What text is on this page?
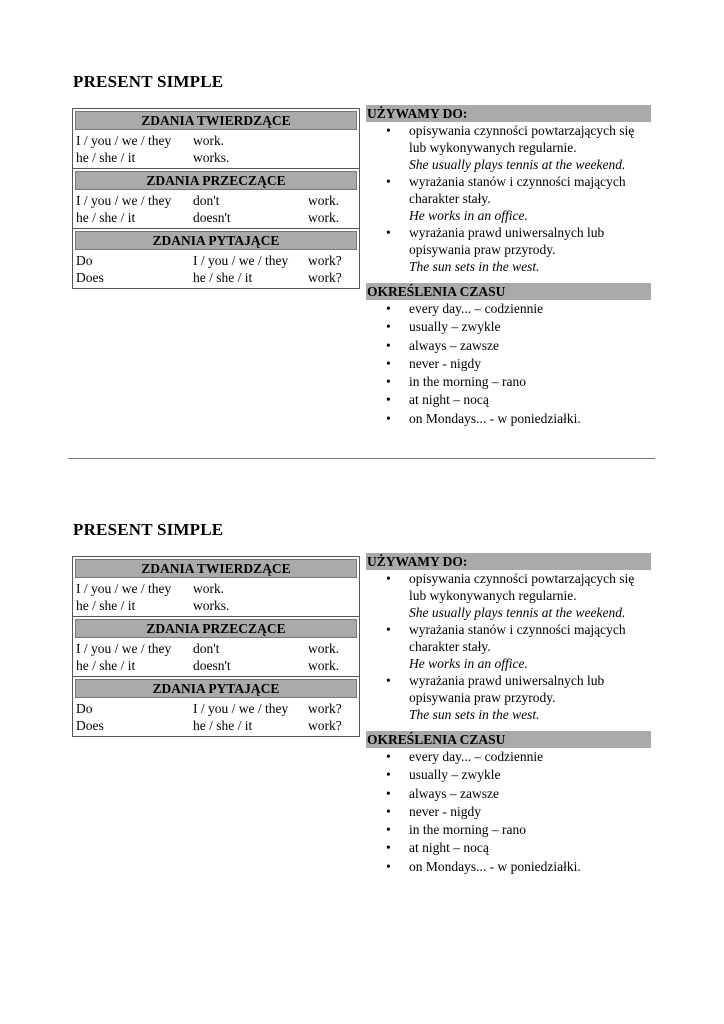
PRESENT SIMPLE
ZDANIA TWIERDZĄCE
I / you / we / they work.
he / she / it	works.
ZDANIA PRZECZĄCE
I / you / we / they don't	work.
he / she / it	doesn't	work.
ZDANIA PYTAJĄCE
Do	I / you / we / they work?
Does	he / she / it	work?
UŻYWAMY DO:
• opisywania czynności powtarzających się lub wykonywanych regularnie.
She usually plays tennis at the weekend.
• wyrażania stanów i czynności mających charakter stały.
He works in an office.
• wyrażania prawd uniwersalnych lub opisywania praw przyrody.
The sun sets in the west.
OKREŚLENIA CZASU
• every day... – codziennie
• usually – zwykle
• always – zawsze
• never - nigdy
• in the morning – rano
• at night – nocą
• on Mondays... - w poniedziałki.
PRESENT SIMPLE
ZDANIA TWIERDZĄCE
I / you / we / they work.
he / she / it	works.
ZDANIA PRZECZĄCE
I / you / we / they don't	work.
he / she / it	doesn't	work.
ZDANIA PYTAJĄCE
Do	I / you / we / they work?
Does	he / she / it	work?
UŻYWAMY DO:
• opisywania czynności powtarzających się lub wykonywanych regularnie.
She usually plays tennis at the weekend.
• wyrażania stanów i czynności mających charakter stały.
He works in an office.
• wyrażania prawd uniwersalnych lub opisywania praw przyrody.
The sun sets in the west.
OKREŚLENIA CZASU
• every day... – codziennie
• usually – zwykle
• always – zawsze
• never - nigdy
• in the morning – rano
• at night – nocą
• on Mondays... - w poniedziałki.
